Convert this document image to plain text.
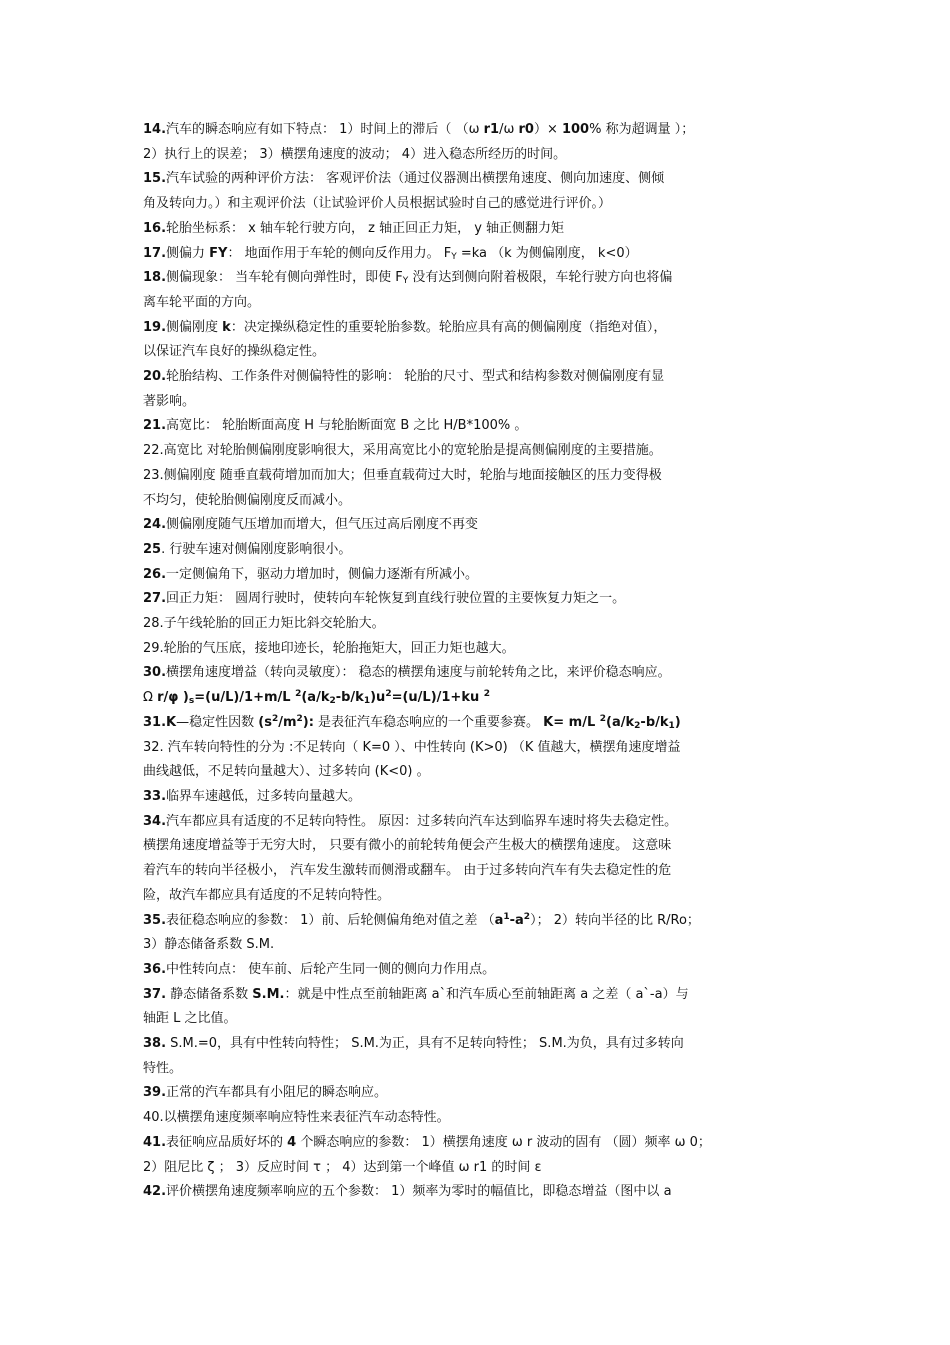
14.汽车的瞬态响应有如下特点： 1）时间上的滞后（ （ω r1/ω r0）× 100% 称为超调量 ）；
2）执行上的误差； 3）横摆角速度的波动； 4）进入稳态所经历的时间。
15.汽车试验的两种评价方法： 客观评价法（通过仪器测出横摆角速度、侧向加速度、侧倾
角及转向力。）和主观评价法（让试验评价人员根据试验时自己的感觉进行评价。）
16.轮胎坐标系： x 轴车轮行驶方向， z 轴正回正力矩， y 轴正侧翻力矩
17.侧偏力 FY： 地面作用于车轮的侧向反作用力。 $F_Y =ka$ （k 为侧偏刚度， k<0）
18.侧偏现象： 当车轮有侧向弹性时，即使 $F_Y$ 没有达到侧向附着极限，车轮行驶方向也将偏
离车轮平面的方向。
19.侧偏刚度 k：决定操纵稳定性的重要轮胎参数。轮胎应具有高的侧偏刚度（指绝对值），
以保证汽车良好的操纵稳定性。
20.轮胎结构、工作条件对侧偏特性的影响： 轮胎的尺寸、型式和结构参数对侧偏刚度有显
著影响。
21.高宽比： 轮胎断面高度 H 与轮胎断面宽 B 之比 H/B*100% 。
22.高宽比 对轮胎侧偏刚度影响很大，采用高宽比小的宽轮胎是提高侧偏刚度的主要措施。
23.侧偏刚度 随垂直载荷增加而加大；但垂直载荷过大时，轮胎与地面接触区的压力变得极
不均匀，使轮胎侧偏刚度反而减小。
24.侧偏刚度随气压增加而增大，但气压过高后刚度不再变
25. 行驶车速对侧偏刚度影响很小。
26.一定侧偏角下，驱动力增加时，侧偏力逐渐有所减小。
27.回正力矩： 圆周行驶时，使转向车轮恢复到直线行驶位置的主要恢复力矩之一。
28.子午线轮胎的回正力矩比斜交轮胎大。
29.轮胎的气压底，接地印迹长，轮胎拖矩大，回正力矩也越大。
30.横摆角速度增益（转向灵敏度）： 稳态的横摆角速度与前轮转角之比，来评价稳态响应。
Ω r/φ )$_s=(u/L)/1+m/L$ $^2(a/k_2-b/k_1)u^2=(u/L)/1+ku$ $^2$
31.K—稳定性因数 $(s^2/m^2)$: 是表征汽车稳态响应的一个重要参赛。 K= m/L $^2(a/k_2-b/k_1)$
32. 汽车转向特性的分为 :不足转向（ K=0 ）、中性转向 (K>0) （K 值越大，横摆角速度增益
曲线越低，不足转向量越大）、过多转向 (K<0) 。
33.临界车速越低，过多转向量越大。
34.汽车都应具有适度的不足转向特性。 原因：过多转向汽车达到临界车速时将失去稳定性。
横摆角速度增益等于无穷大时， 只要有微小的前轮转角便会产生极大的横摆角速度。 这意味
着汽车的转向半径极小， 汽车发生激转而侧滑或翻车。 由于过多转向汽车有失去稳定性的危
险，故汽车都应具有适度的不足转向特性。
35.表征稳态响应的参数： 1）前、后轮侧偏角绝对值之差 $(a^1-a^2)$； 2）转向半径的比 R/Ro；
3）静态储备系数 S.M.
36.中性转向点： 使车前、后轮产生同一侧的侧向力作用点。
37. 静态储备系数 S.M.：就是中性点至前轴距离 a`和汽车质心至前轴距离 a 之差（ a`-a）与
轴距 L 之比值。
38. S.M.=0，具有中性转向特性； S.M.为正，具有不足转向特性； S.M.为负，具有过多转向
特性。
39.正常的汽车都具有小阻尼的瞬态响应。
40.以横摆角速度频率响应特性来表征汽车动态特性。
41.表征响应品质好坏的 4 个瞬态响应的参数： 1）横摆角速度 ω r 波动的固有 （圆）频率 ω 0；
2）阻尼比 ζ ； 3）反应时间 τ ； 4）达到第一个峰值 ω r1 的时间 ε
42.评价横摆角速度频率响应的五个参数： 1）频率为零时的幅值比，即稳态增益（图中以 a
